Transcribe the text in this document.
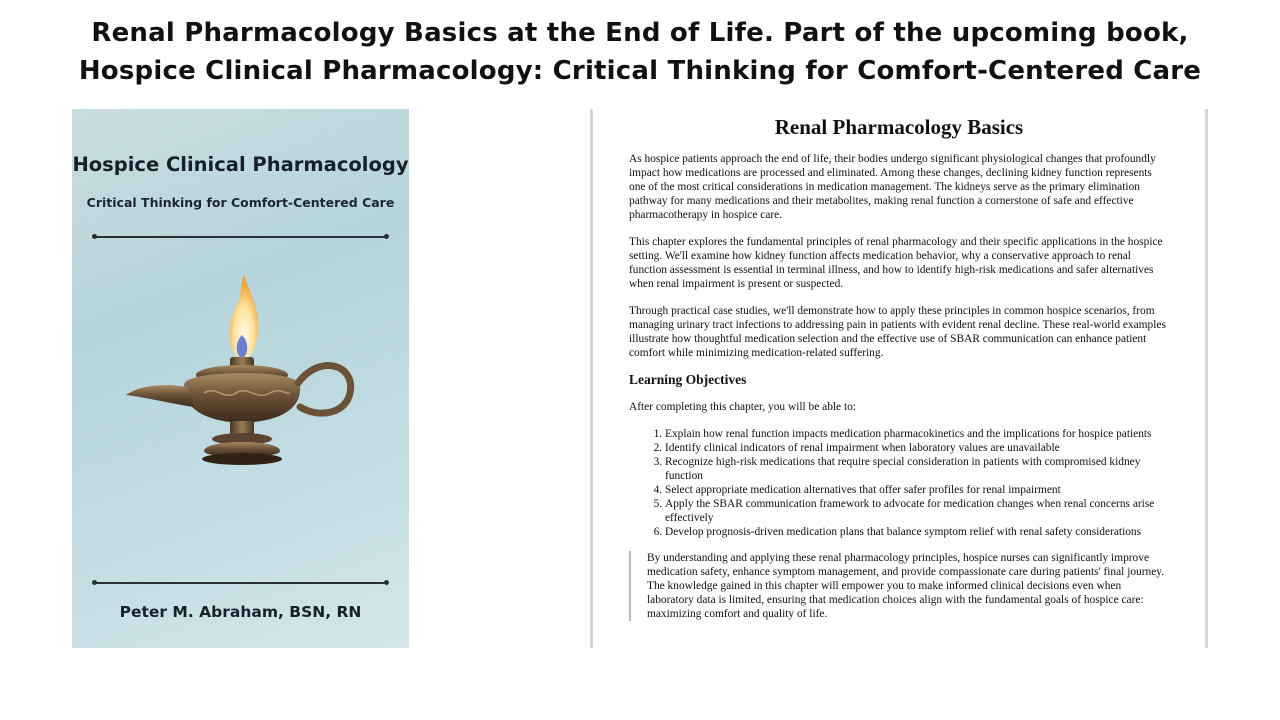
Renal Pharmacology Basics at the End of Life. Part of the upcoming book,
Hospice Clinical Pharmacology: Critical Thinking for Comfort-Centered Care
Hospice Clinical Pharmacology
Critical Thinking for Comfort-Centered Care
Peter M. Abraham, BSN, RN
Renal Pharmacology Basics

As hospice patients approach the end of life, their bodies undergo significant physiological changes that profoundly impact how medications are processed and eliminated. Among these changes, declining kidney function represents one of the most critical considerations in medication management. The kidneys serve as the primary elimination pathway for many medications and their metabolites, making renal function a cornerstone of safe and effective pharmacotherapy in hospice care.

This chapter explores the fundamental principles of renal pharmacology and their specific applications in the hospice setting. We'll examine how kidney function affects medication behavior, why a conservative approach to renal function assessment is essential in terminal illness, and how to identify high-risk medications and safer alternatives when renal impairment is present or suspected.

Through practical case studies, we'll demonstrate how to apply these principles in common hospice scenarios, from managing urinary tract infections to addressing pain in patients with evident renal decline. These real-world examples illustrate how thoughtful medication selection and the effective use of SBAR communication can enhance patient comfort while minimizing medication-related suffering.

Learning Objectives

After completing this chapter, you will be able to:

1. Explain how renal function impacts medication pharmacokinetics and the implications for hospice patients
2. Identify clinical indicators of renal impairment when laboratory values are unavailable
3. Recognize high-risk medications that require special consideration in patients with compromised kidney function
4. Select appropriate medication alternatives that offer safer profiles for renal impairment
5. Apply the SBAR communication framework to advocate for medication changes when renal concerns arise effectively
6. Develop prognosis-driven medication plans that balance symptom relief with renal safety considerations

By understanding and applying these renal pharmacology principles, hospice nurses can significantly improve medication safety, enhance symptom management, and provide compassionate care during patients' final journey. The knowledge gained in this chapter will empower you to make informed clinical decisions even when laboratory data is limited, ensuring that medication choices align with the fundamental goals of hospice care: maximizing comfort and quality of life.
